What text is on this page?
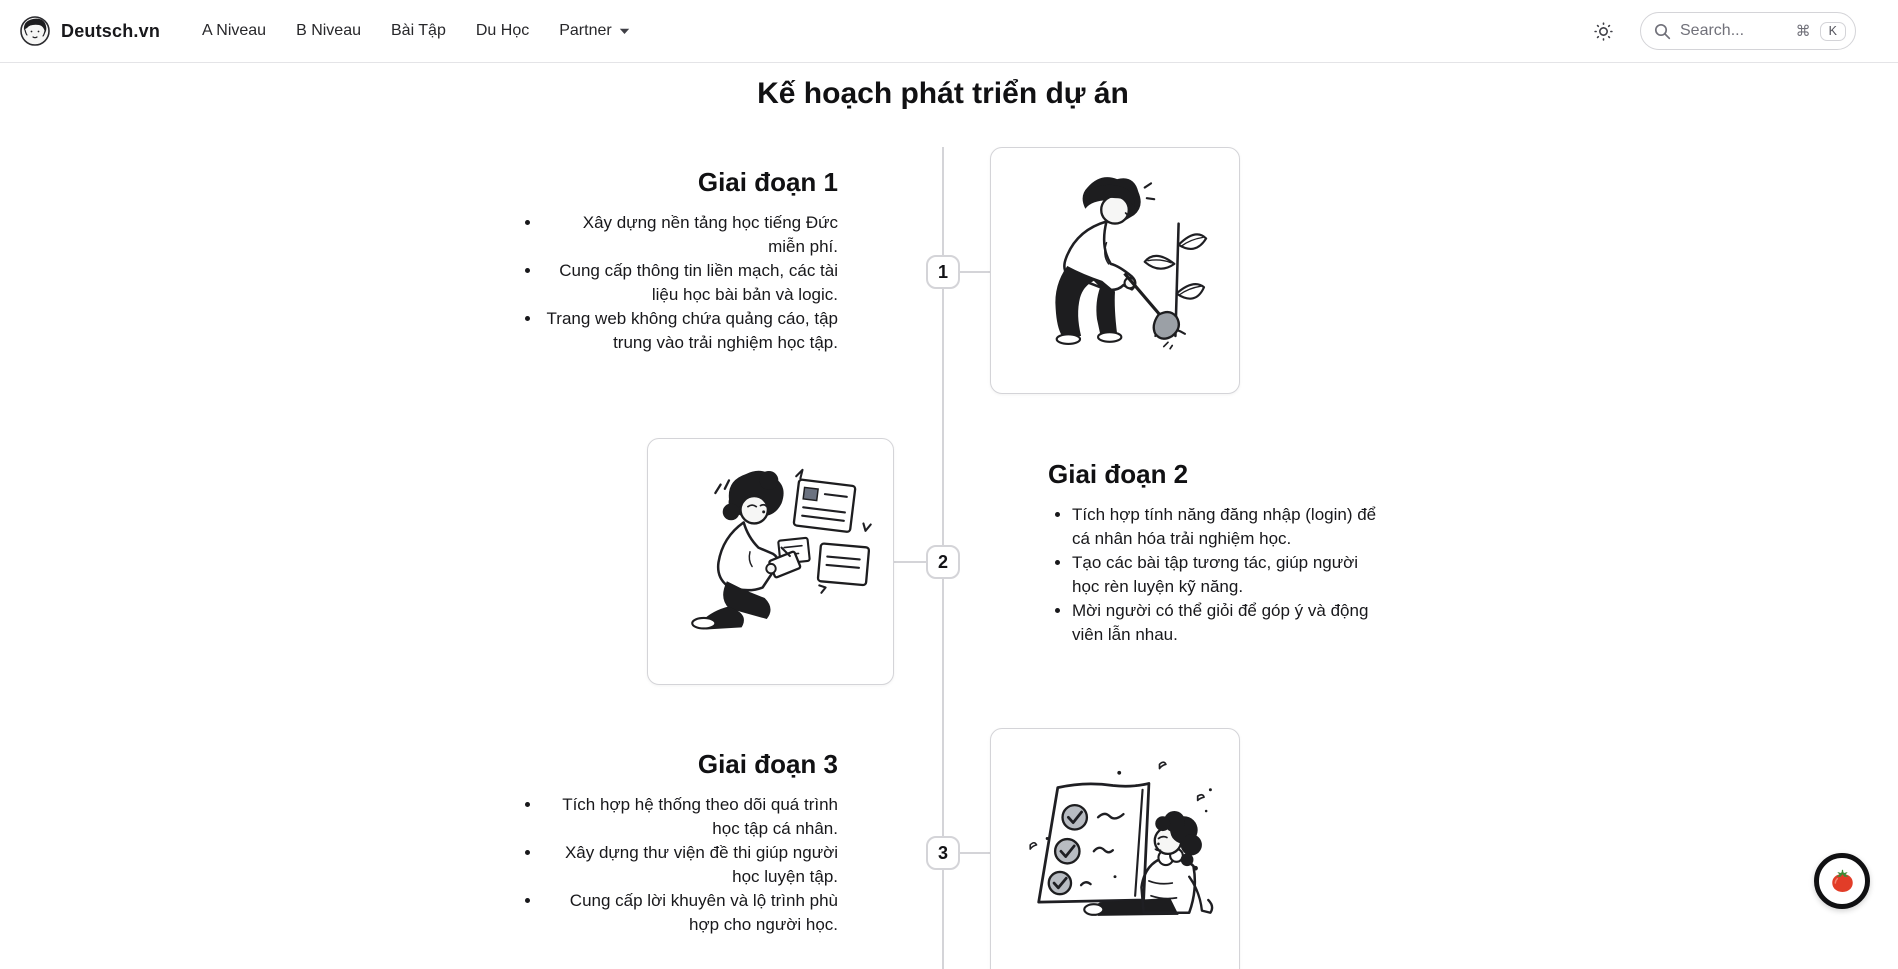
Deutsch.vn	A Niveau B Niveau Bài Tập Du Học Partner
Search...	⌘	K
Kế hoạch phát triển dự án
1
2
3
Giai đoạn 1
• Xây dựng nền tảng học tiếng Đức miễn phí.
• Cung cấp thông tin liền mạch, các tài liệu học bài bản và logic.
• Trang web không chứa quảng cáo, tập trung vào trải nghiệm học tập.
Giai đoạn 2
• Tích hợp tính năng đăng nhập (login) để cá nhân hóa trải nghiệm học.
• Tạo các bài tập tương tác, giúp người học rèn luyện kỹ năng.
• Mời người có thể giỏi để góp ý và động viên lẫn nhau.
Giai đoạn 3
• Tích hợp hệ thống theo dõi quá trình học tập cá nhân.
• Xây dựng thư viện đề thi giúp người học luyện tập.
• Cung cấp lời khuyên và lộ trình phù hợp cho người học.
